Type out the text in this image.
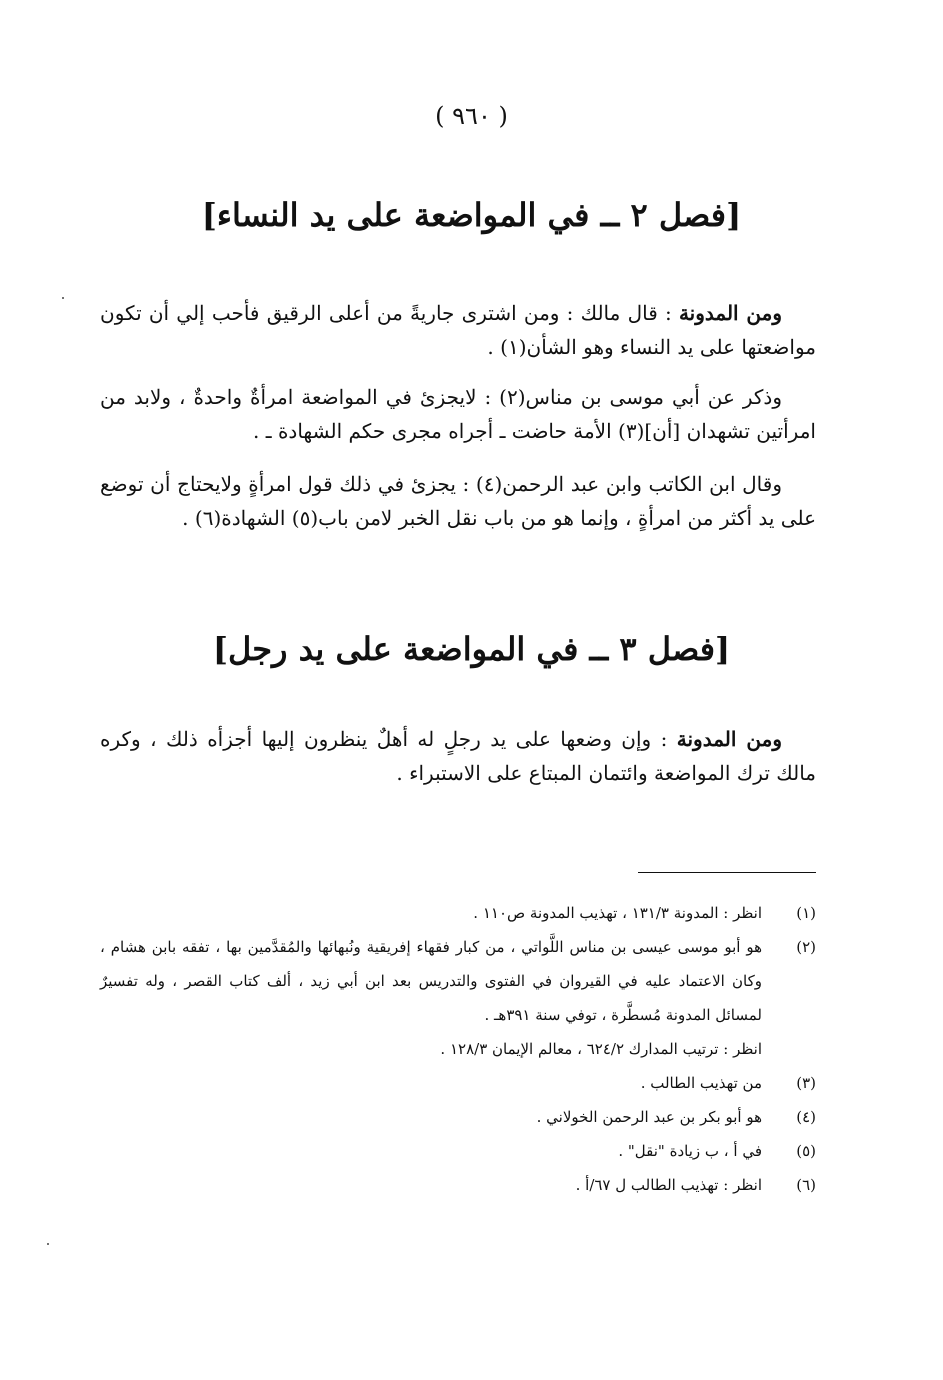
( ٩٦٠ )
[فصل ٢ ــ في المواضعة على يد النساء]
ومن المدونة : قال مالك : ومن اشترى جاريةً من أعلى الرقيق فأحب إلي أن تكون مواضعتها على يد النساء وهو الشأن(١) .
وذكر عن أبي موسى بن مناس(٢) : لايجزئ في المواضعة امرأةٌ واحدةٌ ، ولابد من امرأتين تشهدان [أن](٣) الأمة حاضت ـ أجراه مجرى حكم الشهادة ـ .
وقال ابن الكاتب وابن عبد الرحمن(٤) : يجزئ في ذلك قول امرأةٍ ولايحتاج أن توضع على يد أكثر من امرأةٍ ، وإنما هو من باب نقل الخبر لامن باب(٥) الشهادة(٦) .
[فصل ٣ ــ في المواضعة على يد رجل]
ومن المدونة : وإن وضعها على يد رجلٍ له أهلٌ ينظرون إليها أجزأه ذلك ، وكره مالك ترك المواضعة وائتمان المبتاع على الاستبراء .
(١)
انظر : المدونة ١٣١/٣ ، تهذيب المدونة ص١١٠ .
(٢)
هو أبو موسى عيسى بن مناس اللَّواتي ، من كبار فقهاء إفريقية ونُبهائها والمُقدَّمين بها ، تفقه بابن هشام ، وكان الاعتماد عليه في القيروان في الفتوى والتدريس بعد ابن أبي زيد ، ألف كتاب القصر ، وله تفسيرٌ لمسائل المدونة مُسطَّرة ، توفي سنة ٣٩١هـ .
انظر : ترتيب المدارك ٦٢٤/٢ ، معالم الإيمان ١٢٨/٣ .
(٣)
من تهذيب الطالب .
(٤)
هو أبو بكر بن عبد الرحمن الخولاني .
(٥)
في أ ، ب زيادة "نقل" .
(٦)
انظر : تهذيب الطالب ل ٦٧/أ .
